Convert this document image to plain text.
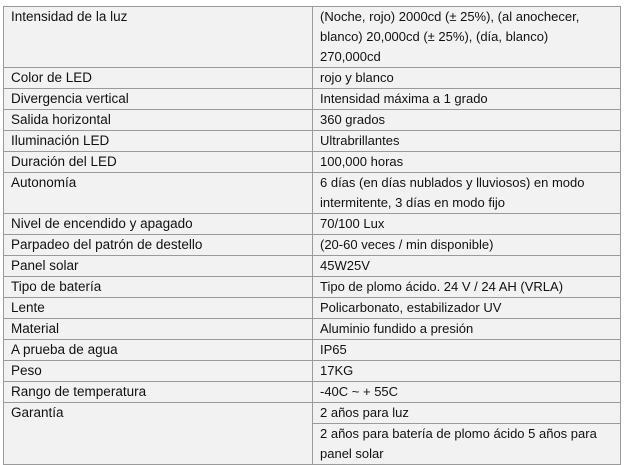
Intensidad de la luz	(Noche, rojo) 2000cd (± 25%), (al anochecer, blanco) 20,000cd (± 25%), (día, blanco) 270,000cd
Color de LED	rojo y blanco
Divergencia vertical	Intensidad máxima a 1 grado
Salida horizontal	360 grados
Iluminación LED	Ultrabrillantes
Duración del LED	100,000 horas
Autonomía	6 días (en días nublados y lluviosos) en modo intermitente, 3 días en modo fijo
Nivel de encendido y apagado	70/100 Lux
Parpadeo del patrón de destello	(20-60 veces / min disponible)
Panel solar	45W25V
Tipo de batería	Tipo de plomo ácido. 24 V / 24 AH (VRLA)
Lente	Policarbonato, estabilizador UV
Material	Aluminio fundido a presión
A prueba de agua	IP65
Peso	17KG
Rango de temperatura	-40C ~ + 55C
Garantía	2 años para luz
	2 años para batería de plomo ácido 5 años para panel solar
